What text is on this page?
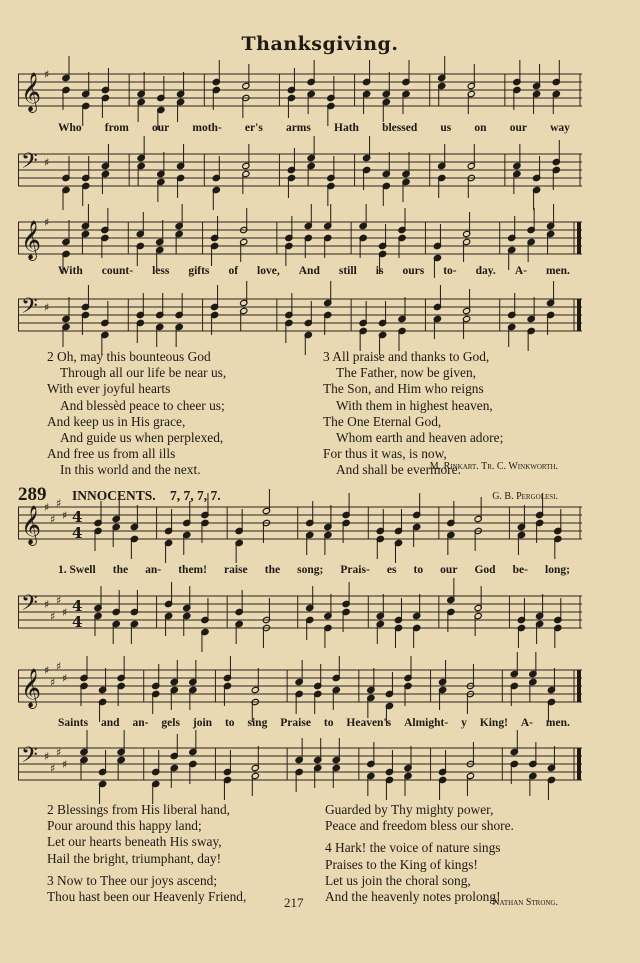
Thanksgiving.
𝄞 ♯
Who from our moth- er's arms Hath blessed us on our way
𝄢 ♯
𝄞 ♯
With count- less gifts of love, And still is ours to- day. A- men.
𝄢 ♯
2 Oh, may this bounteous God
Through all our life be near us,
With ever joyful hearts
And blessèd peace to cheer us;
And keep us in His grace,
And guide us when perplexed,
And free us from all ills
In this world and the next.
3 All praise and thanks to God,
The Father, now be given,
The Son, and Him who reigns
With them in highest heaven,
The One Eternal God,
Whom earth and heaven adore;
For thus it was, is now,
And shall be evermore.
M. Rinkart. Tr. C. Winkworth.
289 INNOCENTS. 7, 7, 7, 7.	G. B. Pergolesi.
𝄞 ♯
♯
♯
♯ 4
4
1. Swell the an- them! raise the song; Prais- es to our God be- long;
𝄢 ♯
♯
♯
♯ 4
4
𝄞 ♯
♯
♯
♯
Saints and an- gels join to sing Praise to Heaven's Almight- y King! A- men.
𝄢 ♯
♯
♯
♯
2 Blessings from His liberal hand,
Pour around this happy land;
Let our hearts beneath His sway,
Hail the bright, triumphant, day!
3 Now to Thee our joys ascend;
Thou hast been our Heavenly Friend,
Guarded by Thy mighty power,
Peace and freedom bless our shore.
4 Hark! the voice of nature sings
Praises to the King of kings!
Let us join the choral song,
And the heavenly notes prolong!
217	Nathan Strong.
